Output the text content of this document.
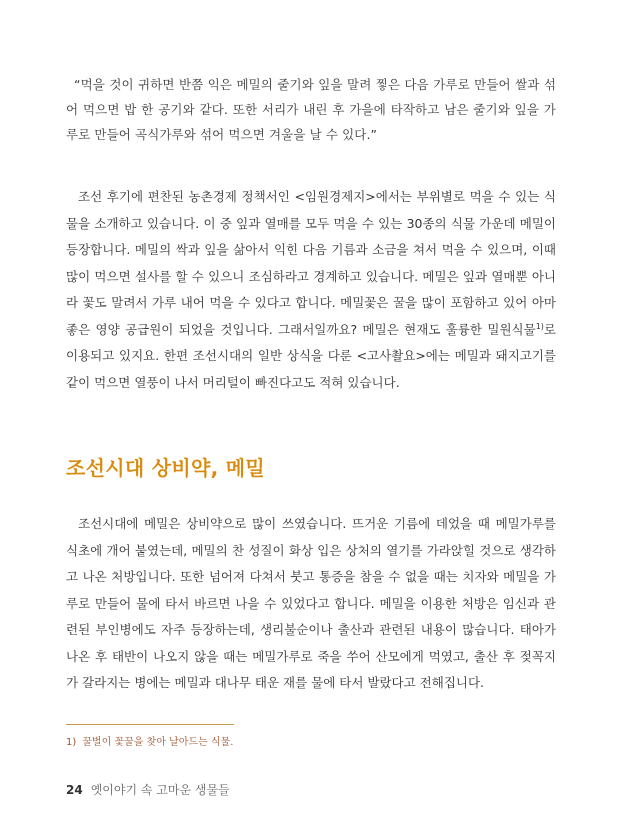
“먹을 것이 귀하면 반쯤 익은 메밀의 줄기와 잎을 말려 찧은 다음 가루로 만들어 쌀과 섞어 먹으면 밥 한 공기와 같다. 또한 서리가 내린 후 가을에 타작하고 남은 줄기와 잎을 가루로 만들어 곡식가루와 섞어 먹으면 겨울을 날 수 있다.”

조선 후기에 편찬된 농촌경제 정책서인 <임원경제지>에서는 부위별로 먹을 수 있는 식물을 소개하고 있습니다. 이 중 잎과 열매를 모두 먹을 수 있는 30종의 식물 가운데 메밀이 등장합니다. 메밀의 싹과 잎을 삶아서 익힌 다음 기름과 소금을 쳐서 먹을 수 있으며, 이때 많이 먹으면 설사를 할 수 있으니 조심하라고 경계하고 있습니다. 메밀은 잎과 열매뿐 아니라 꽃도 말려서 가루 내어 먹을 수 있다고 합니다. 메밀꽃은 꿀을 많이 포함하고 있어 아마 좋은 영양 공급원이 되었을 것입니다. 그래서일까요? 메밀은 현재도 훌륭한 밀원식물$^{1)}$로 이용되고 있지요. 한편 조선시대의 일반 상식을 다룬 <고사촬요>에는 메밀과 돼지고기를 같이 먹으면 열풍이 나서 머리털이 빠진다고도 적혀 있습니다.

조선시대 상비약, 메밀

조선시대에 메밀은 상비약으로 많이 쓰였습니다. 뜨거운 기름에 데었을 때 메밀가루를 식초에 개어 붙였는데, 메밀의 찬 성질이 화상 입은 상처의 열기를 가라앉힐 것으로 생각하고 나온 처방입니다. 또한 넘어져 다쳐서 붓고 통증을 참을 수 없을 때는 치자와 메밀을 가루로 만들어 물에 타서 바르면 나을 수 있었다고 합니다. 메밀을 이용한 처방은 임신과 관련된 부인병에도 자주 등장하는데, 생리불순이나 출산과 관련된 내용이 많습니다. 태아가 나온 후 태반이 나오지 않을 때는 메밀가루로 죽을 쑤어 산모에게 먹였고, 출산 후 젖꼭지가 갈라지는 병에는 메밀과 대나무 태운 재를 물에 타서 발랐다고 전해집니다.

1) 꿀벌이 꽃꿀을 찾아 날아드는 식물.
24 옛이야기 속 고마운 생물들
